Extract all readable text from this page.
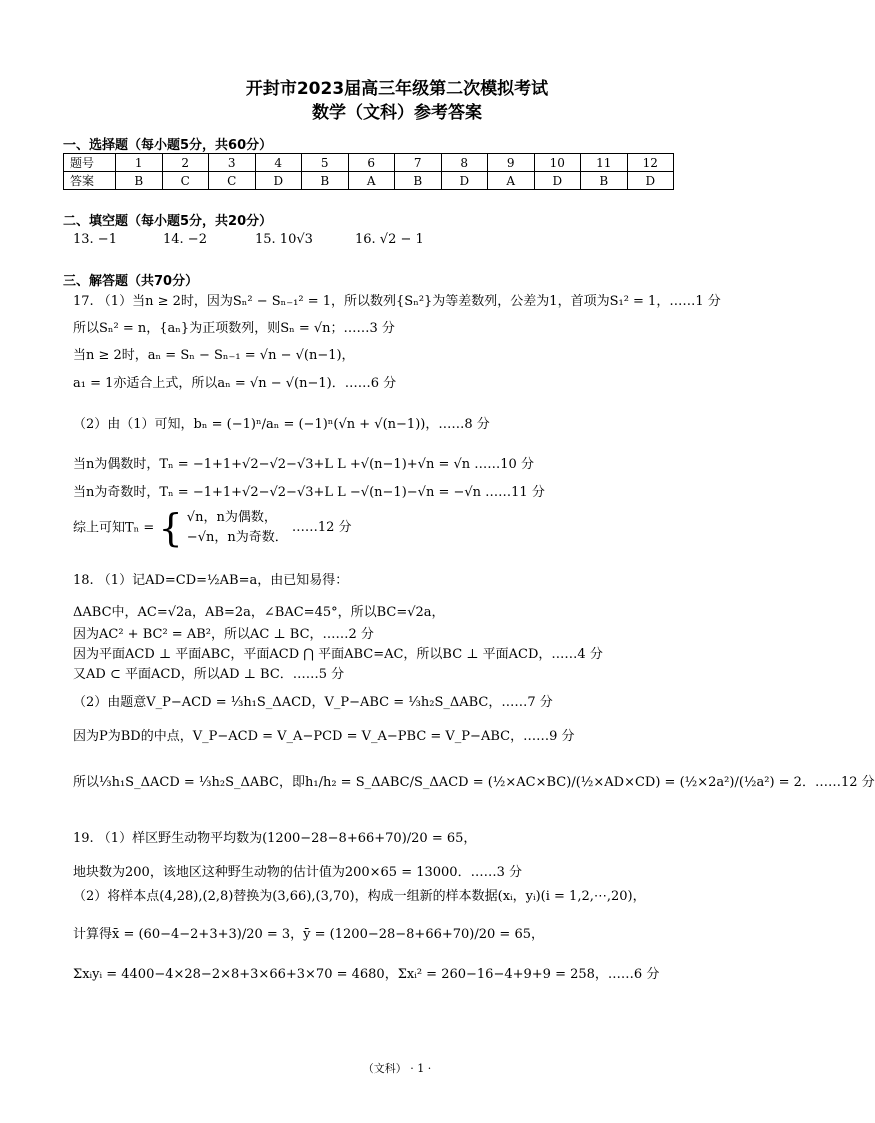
开封市2023届高三年级第二次模拟考试
数学（文科）参考答案
一、选择题（每小题5分，共60分）
题号	1	2	3	4	5	6	7	8	9	10	11	12
答案	B	C	C	D	B	A	B	D	A	D	B	D
二、填空题（每小题5分，共20分）
13. −1	14. −2	15. 10√3	16. √2 − 1
三、解答题（共70分）
17. （1）当n ≥ 2时，因为Sₙ² − Sₙ₋₁² = 1，所以数列{Sₙ²}为等差数列，公差为1，首项为S₁² = 1，……1 分
所以Sₙ² = n，{aₙ}为正项数列，则Sₙ = √n；……3 分
当n ≥ 2时，aₙ = Sₙ − Sₙ₋₁ = √n − √(n−1)，
a₁ = 1亦适合上式，所以aₙ = √n − √(n−1)．……6 分
（2）由（1）可知，bₙ = (−1)ⁿ/aₙ = (−1)ⁿ(√n + √(n−1))，……8 分
当n为偶数时，Tₙ = −1+1+√2−√2−√3+L L +√(n−1)+√n = √n ……10 分
当n为奇数时，Tₙ = −1+1+√2−√2−√3+L L −√(n−1)−√n = −√n ……11 分
综上可知Tₙ = { √n，n为偶数，
−√n，n为奇数．
……12 分
18. （1）记AD=CD=½AB=a，由已知易得：
ΔABC中，AC=√2a，AB=2a，∠BAC=45°，所以BC=√2a，
因为AC² + BC² = AB²，所以AC ⊥ BC，……2 分
因为平面ACD ⊥ 平面ABC，平面ACD ⋂ 平面ABC=AC，所以BC ⊥ 平面ACD，……4 分
又AD ⊂ 平面ACD，所以AD ⊥ BC．……5 分
（2）由题意V_P−ACD = ⅓h₁S_ΔACD，V_P−ABC = ⅓h₂S_ΔABC，……7 分
因为P为BD的中点，V_P−ACD = V_A−PCD = V_A−PBC = V_P−ABC，……9 分
所以⅓h₁S_ΔACD = ⅓h₂S_ΔABC，即h₁/h₂ = S_ΔABC/S_ΔACD = (½×AC×BC)/(½×AD×CD) = (½×2a²)/(½a²) = 2．……12 分
19. （1）样区野生动物平均数为(1200−28−8+66+70)/20 = 65，
地块数为200，该地区这种野生动物的估计值为200×65 = 13000．……3 分
（2）将样本点(4,28),(2,8)替换为(3,66),(3,70)，构成一组新的样本数据(xᵢ，yᵢ)(i = 1,2,⋯,20)，
计算得x̄ = (60−4−2+3+3)/20 = 3，ȳ = (1200−28−8+66+70)/20 = 65，
Σxᵢyᵢ = 4400−4×28−2×8+3×66+3×70 = 4680，Σxᵢ² = 260−16−4+9+9 = 258，……6 分
（文科） · 1 ·
